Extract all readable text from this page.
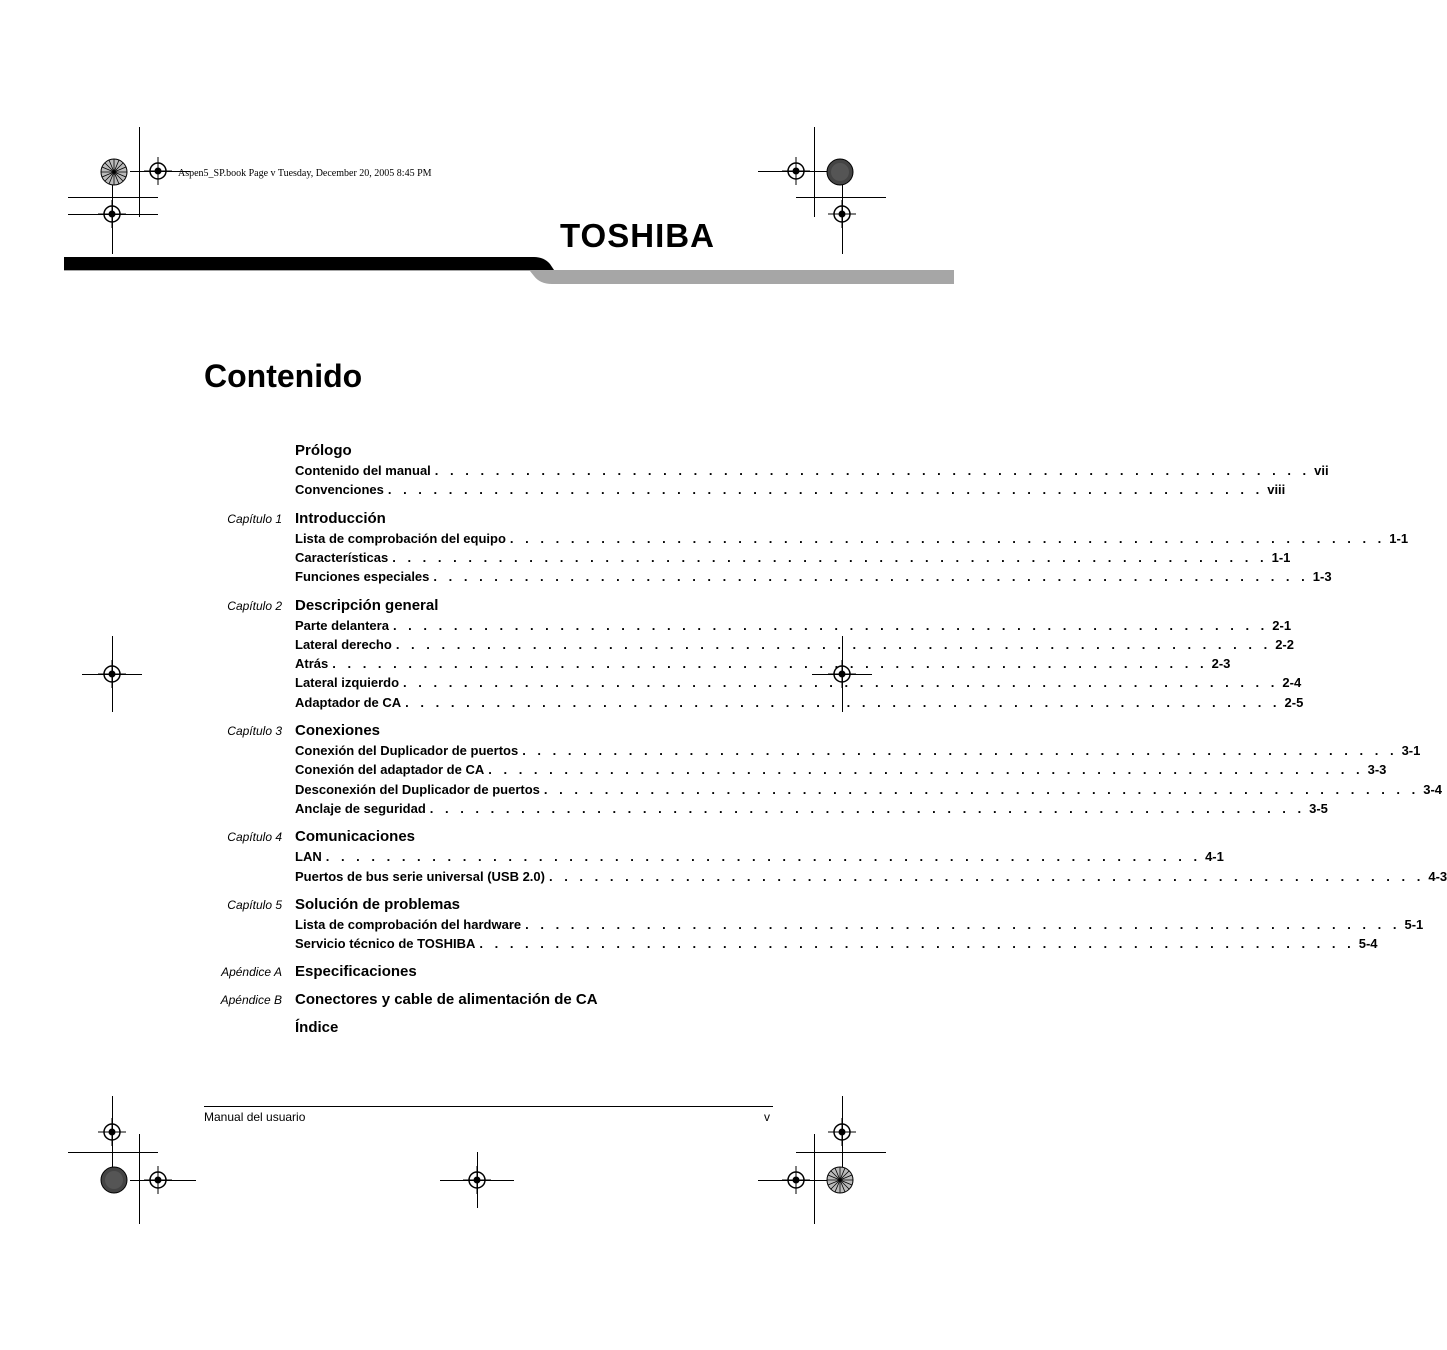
Aspen5_SP.book Page v Tuesday, December 20, 2005 8:45 PM
TOSHIBA
Contenido
Prólogo
Contenido del manual . . . . . . . . . . . . . . . . . . . . . . . . . . . . . . . . . . . . . . . . . . . . . . . . . . . . . . . . . . vii
Convenciones . . . . . . . . . . . . . . . . . . . . . . . . . . . . . . . . . . . . . . . . . . . . . . . . . . . . . . . . . . viii
Capítulo 1 Introducción
Lista de comprobación del equipo . . . . . . . . . . . . . . . . . . . . . . . . . . . . . . . . . . . . . . . . . . . . . . . . . . . . . . . . . . 1-1
Características . . . . . . . . . . . . . . . . . . . . . . . . . . . . . . . . . . . . . . . . . . . . . . . . . . . . . . . . . . 1-1
Funciones especiales . . . . . . . . . . . . . . . . . . . . . . . . . . . . . . . . . . . . . . . . . . . . . . . . . . . . . . . . . . 1-3
Capítulo 2 Descripción general
Parte delantera . . . . . . . . . . . . . . . . . . . . . . . . . . . . . . . . . . . . . . . . . . . . . . . . . . . . . . . . . . 2-1
Lateral derecho . . . . . . . . . . . . . . . . . . . . . . . . . . . . . . . . . . . . . . . . . . . . . . . . . . . . . . . . . . 2-2
Atrás . . . . . . . . . . . . . . . . . . . . . . . . . . . . . . . . . . . . . . . . . . . . . . . . . . . . . . . . . . 2-3
Lateral izquierdo . . . . . . . . . . . . . . . . . . . . . . . . . . . . . . . . . . . . . . . . . . . . . . . . . . . . . . . . . . 2-4
Adaptador de CA . . . . . . . . . . . . . . . . . . . . . . . . . . . . . . . . . . . . . . . . . . . . . . . . . . . . . . . . . . 2-5
Capítulo 3 Conexiones
Conexión del Duplicador de puertos . . . . . . . . . . . . . . . . . . . . . . . . . . . . . . . . . . . . . . . . . . . . . . . . . . . . . . . . . . 3-1
Conexión del adaptador de CA . . . . . . . . . . . . . . . . . . . . . . . . . . . . . . . . . . . . . . . . . . . . . . . . . . . . . . . . . . 3-3
Desconexión del Duplicador de puertos . . . . . . . . . . . . . . . . . . . . . . . . . . . . . . . . . . . . . . . . . . . . . . . . . . . . . . . . . . 3-4
Anclaje de seguridad . . . . . . . . . . . . . . . . . . . . . . . . . . . . . . . . . . . . . . . . . . . . . . . . . . . . . . . . . . 3-5
Capítulo 4 Comunicaciones
LAN . . . . . . . . . . . . . . . . . . . . . . . . . . . . . . . . . . . . . . . . . . . . . . . . . . . . . . . . . . 4-1
Puertos de bus serie universal (USB 2.0) . . . . . . . . . . . . . . . . . . . . . . . . . . . . . . . . . . . . . . . . . . . . . . . . . . . . . . . . . . 4-3
Capítulo 5 Solución de problemas
Lista de comprobación del hardware . . . . . . . . . . . . . . . . . . . . . . . . . . . . . . . . . . . . . . . . . . . . . . . . . . . . . . . . . . 5-1
Servicio técnico de TOSHIBA . . . . . . . . . . . . . . . . . . . . . . . . . . . . . . . . . . . . . . . . . . . . . . . . . . . . . . . . . . 5-4
Apéndice A Especificaciones
Apéndice B Conectores y cable de alimentación de CA
Índice
Manual del usuario	v
